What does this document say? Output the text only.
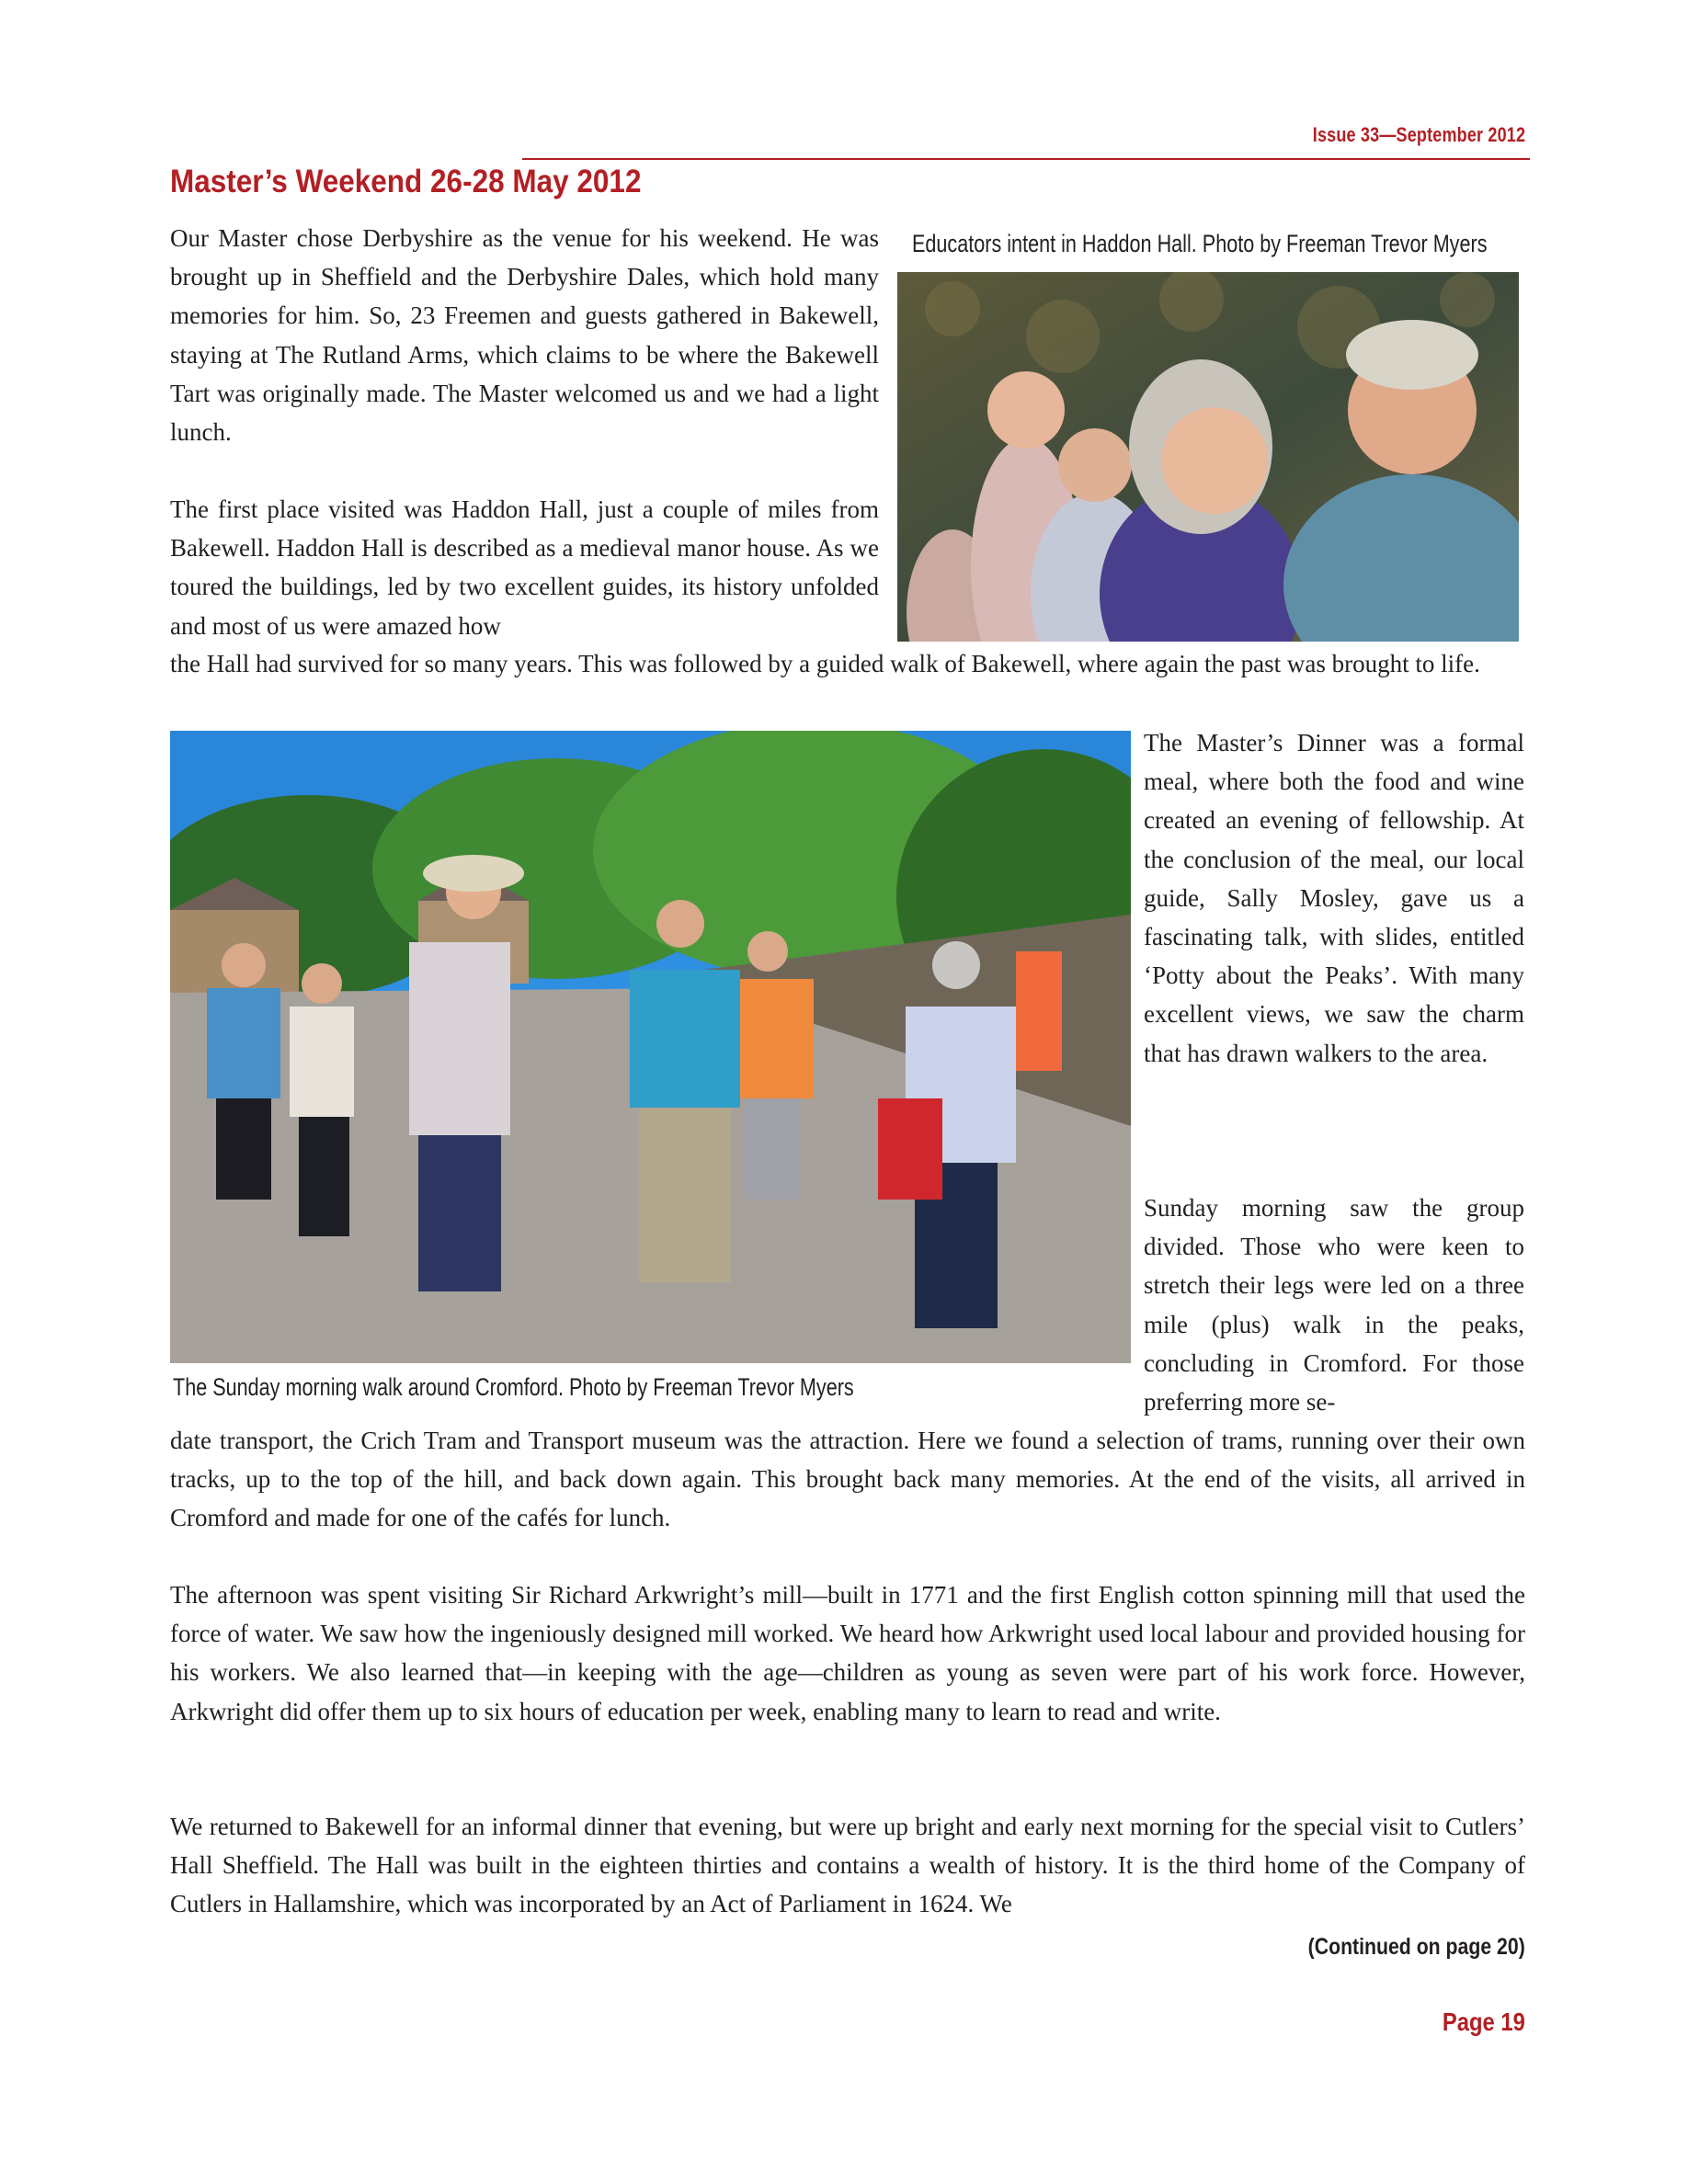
Issue 33—September 2012
Master’s Weekend 26-28 May 2012

Our Master chose Derbyshire as the venue for his weekend. He was brought up in Sheffield and the Derbyshire Dales, which hold many memories for him. So, 23 Freemen and guests gathered in Bakewell, staying at The Rutland Arms, which claims to be where the Bakewell Tart was originally made. The Master welcomed us and we had a light lunch.

Educators intent in Haddon Hall. Photo by Freeman Trevor Myers

The first place visited was Haddon Hall, just a couple of miles from Bakewell. Haddon Hall is described as a medieval manor house. As we toured the buildings, led by two excellent guides, its history unfolded and most of us were amazed how

the Hall had survived for so many years. This was followed by a guided walk of Bakewell, where again the past was brought to life.

The Sunday morning walk around Cromford. Photo by Freeman Trevor Myers

The Master’s Dinner was a formal meal, where both the food and wine created an evening of fellowship. At the conclusion of the meal, our local guide, Sally Mosley, gave us a fascinating talk, with slides, entitled ‘Potty about the Peaks’. With many excellent views, we saw the charm that has drawn walkers to the area.

Sunday morning saw the group divided. Those who were keen to stretch their legs were led on a three mile (plus) walk in the peaks, concluding in Cromford. For those preferring more se-

date transport, the Crich Tram and Transport museum was the attraction. Here we found a selection of trams, running over their own tracks, up to the top of the hill, and back down again. This brought back many memories. At the end of the visits, all arrived in Cromford and made for one of the cafés for lunch.

The afternoon was spent visiting Sir Richard Arkwright’s mill—built in 1771 and the first English cotton spinning mill that used the force of water. We saw how the ingeniously designed mill worked. We heard how Arkwright used local labour and provided housing for his workers. We also learned that—in keeping with the age—children as young as seven were part of his work force. However, Arkwright did offer them up to six hours of education per week, enabling many to learn to read and write.

We returned to Bakewell for an informal dinner that evening, but were up bright and early next morning for the special visit to Cutlers’ Hall Sheffield. The Hall was built in the eighteen thirties and contains a wealth of history. It is the third home of the Company of Cutlers in Hallamshire, which was incorporated by an Act of Parliament in 1624. We

(Continued on page 20)
Page 19
